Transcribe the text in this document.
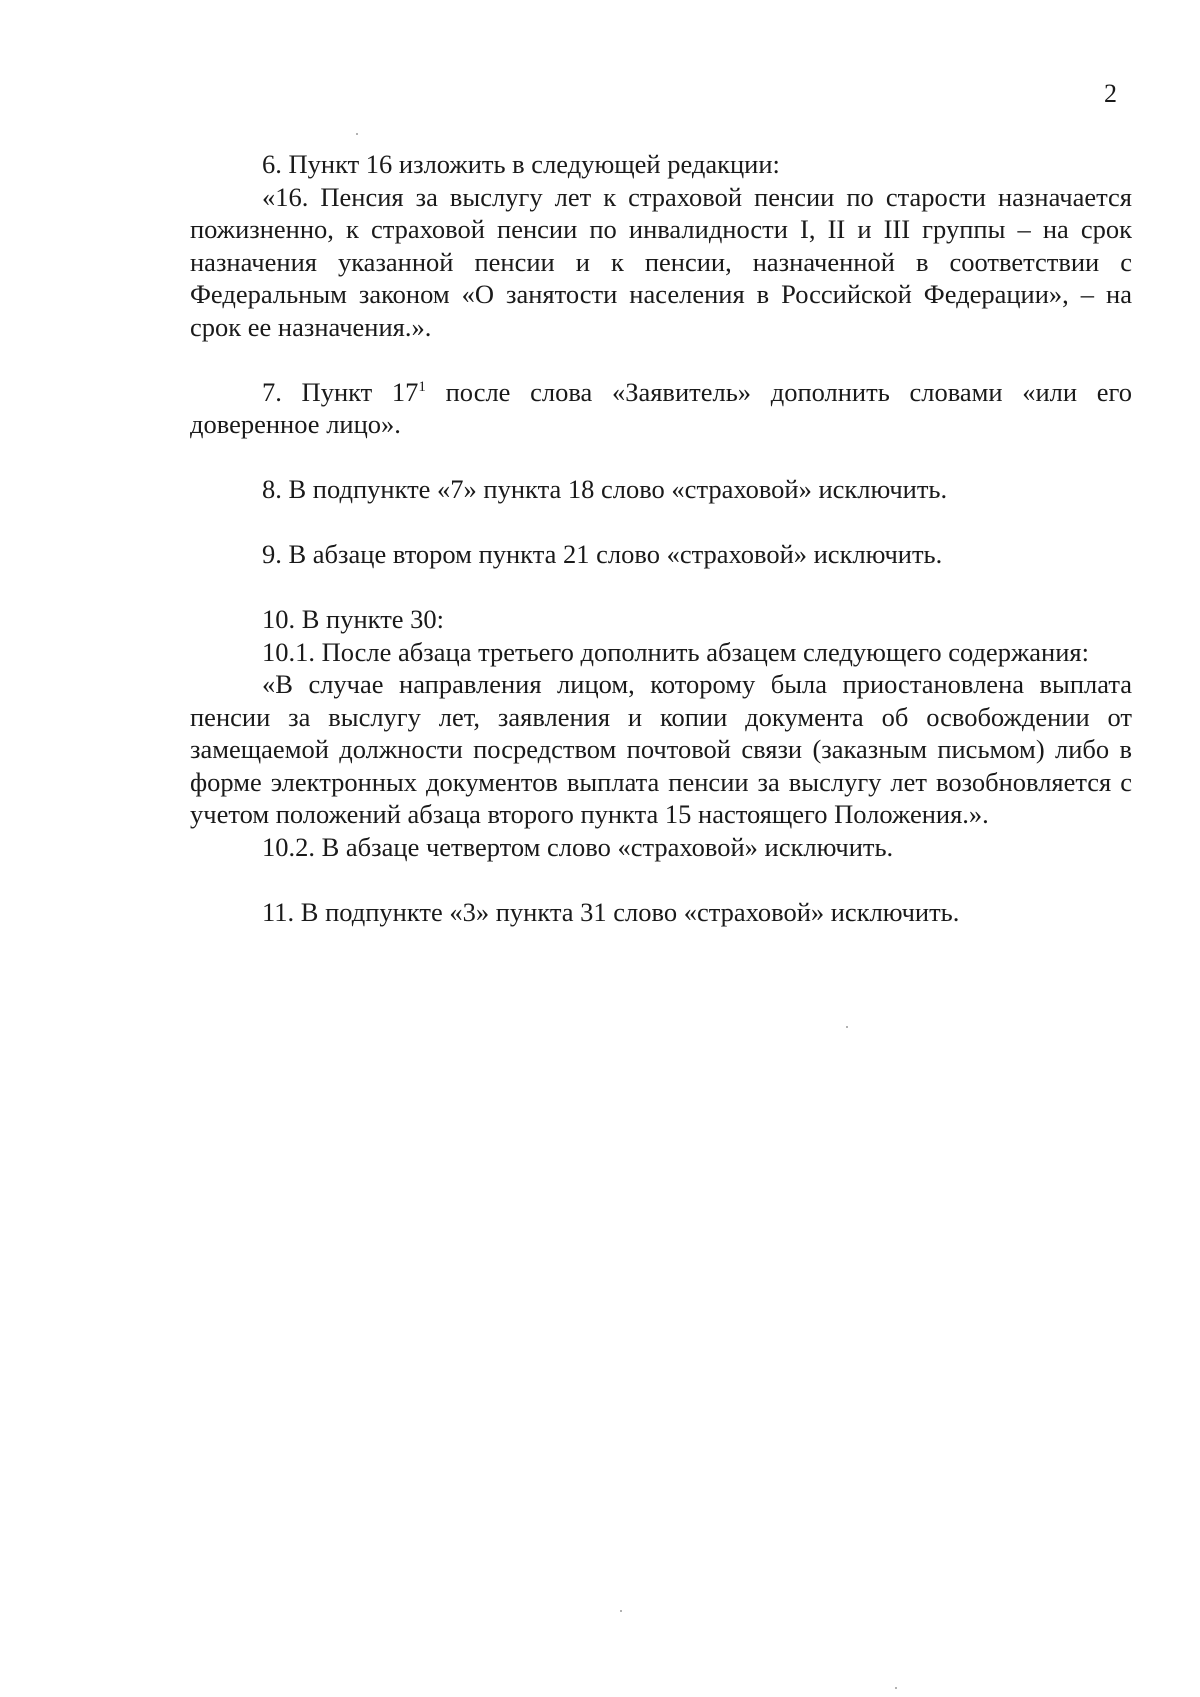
2

6. Пункт 16 изложить в следующей редакции:

«16. Пенсия за выслугу лет к страховой пенсии по старости назначается пожизненно, к страховой пенсии по инвалидности I, II и III группы – на срок назначения указанной пенсии и к пенсии, назначенной в соответствии с Федеральным законом «О занятости населения в Российской Федерации», – на срок ее назначения.».

7. Пункт $17^1$ после слова «Заявитель» дополнить словами «или его доверенное лицо».

8. В подпункте «7» пункта 18 слово «страховой» исключить.

9. В абзаце втором пункта 21 слово «страховой» исключить.

10. В пункте 30:

10.1. После абзаца третьего дополнить абзацем следующего содержания:

«В случае направления лицом, которому была приостановлена выплата пенсии за выслугу лет, заявления и копии документа об освобождении от замещаемой должности посредством почтовой связи (заказным письмом) либо в форме электронных документов выплата пенсии за выслугу лет возобновляется с учетом положений абзаца второго пункта 15 настоящего Положения.».

10.2. В абзаце четвертом слово «страховой» исключить.

11. В подпункте «3» пункта 31 слово «страховой» исключить.
